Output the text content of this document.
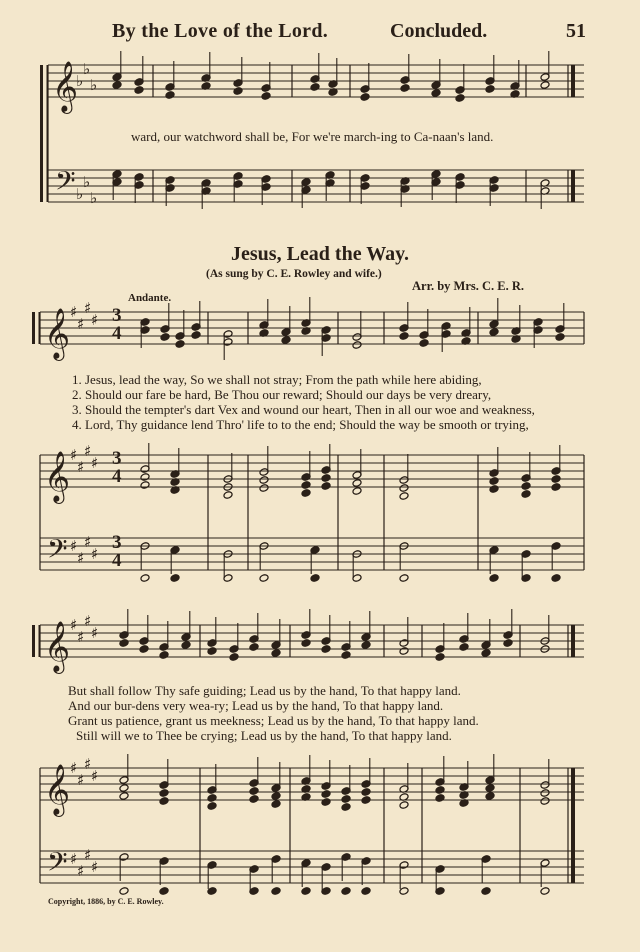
By the Love of the Lord.	Concluded.	51
ward, our watchword shall be, For we're march-ing to Ca-naan's land.
Jesus, Lead the Way.
(As sung by C. E. Rowley and wife.)
Arr. by Mrs. C. E. R.
Andante.
1. Jesus, lead the way, So we shall not stray; From the path while here abiding,
2. Should our fare be hard, Be Thou our reward; Should our days be very dreary,
3. Should the tempter's dart Vex and wound our heart, Then in all our woe and weakness,
4. Lord, Thy guidance lend Thro' life to to the end; Should the way be smooth or trying,
But shall follow Thy safe guiding; Lead us by the hand, To that happy land.
And our bur-dens very wea-ry; Lead us by the hand, To that happy land.
Grant us patience, grant us meekness; Lead us by the hand, To that happy land.
Still will we to Thee be crying; Lead us by the hand, To that happy land.
Copyright, 1886, by C. E. Rowley.
𝄞
𝄢
♭
♭
♭
♭
♭
♭
𝄞
𝄞
𝄢
♯
♯
♯
♯
♯
♯
♯
♯
♯
♯
♯
♯
𝄞
𝄞
𝄢
♯
♯
♯
♯
♯
♯
♯
♯
♯
♯
♯
♯
3
4
3
4
3
4
